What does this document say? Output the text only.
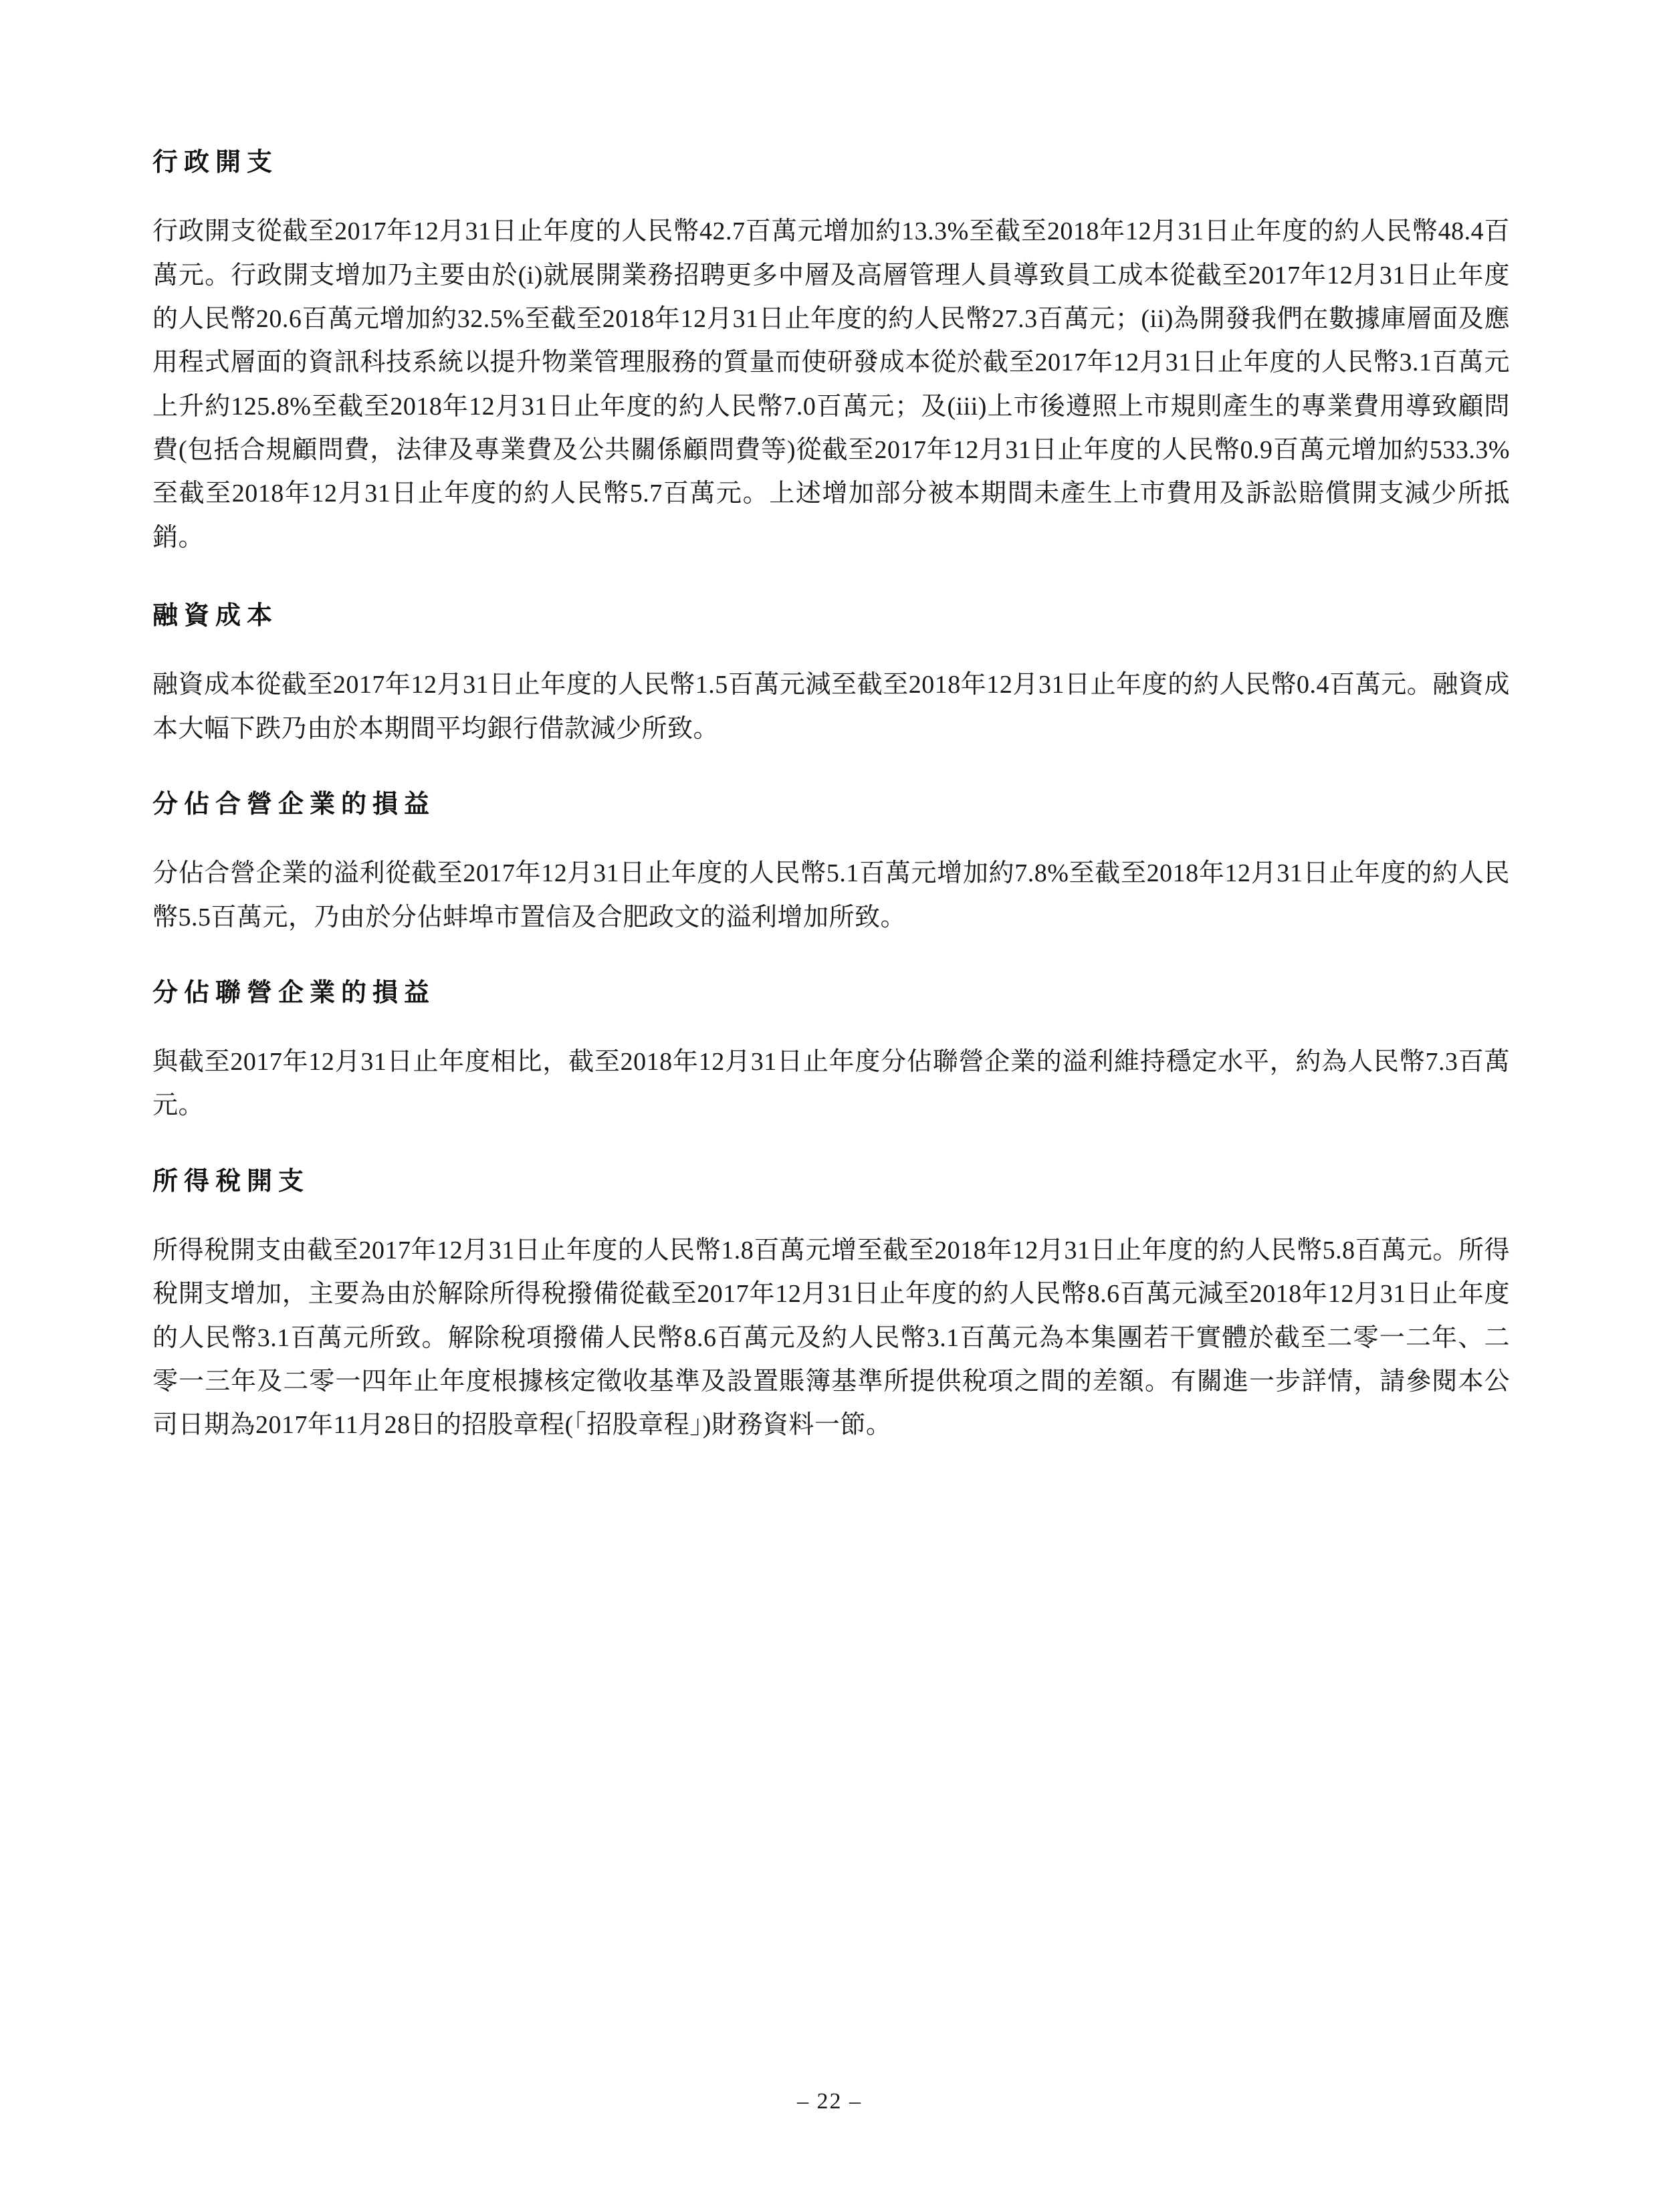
行政開支

行政開支從截至2017年12月31日止年度的人民幣42.7百萬元增加約13.3%至截至2018年12月31日止年度的約人民幣48.4百萬元。行政開支增加乃主要由於(i)就展開業務招聘更多中層及高層管理人員導致員工成本從截至2017年12月31日止年度的人民幣20.6百萬元增加約32.5%至截至2018年12月31日止年度的約人民幣27.3百萬元；(ii)為開發我們在數據庫層面及應用程式層面的資訊科技系統以提升物業管理服務的質量而使研發成本從於截至2017年12月31日止年度的人民幣3.1百萬元上升約125.8%至截至2018年12月31日止年度的約人民幣7.0百萬元；及(iii)上市後遵照上市規則產生的專業費用導致顧問費(包括合規顧問費，法律及專業費及公共關係顧問費等)從截至2017年12月31日止年度的人民幣0.9百萬元增加約533.3%至截至2018年12月31日止年度的約人民幣5.7百萬元。上述增加部分被本期間未產生上市費用及訴訟賠償開支減少所抵銷。

融資成本

融資成本從截至2017年12月31日止年度的人民幣1.5百萬元減至截至2018年12月31日止年度的約人民幣0.4百萬元。融資成本大幅下跌乃由於本期間平均銀行借款減少所致。

分佔合營企業的損益

分佔合營企業的溢利從截至2017年12月31日止年度的人民幣5.1百萬元增加約7.8%至截至2018年12月31日止年度的約人民幣5.5百萬元，乃由於分佔蚌埠市置信及合肥政文的溢利增加所致。

分佔聯營企業的損益

與截至2017年12月31日止年度相比，截至2018年12月31日止年度分佔聯營企業的溢利維持穩定水平，約為人民幣7.3百萬元。

所得稅開支

所得稅開支由截至2017年12月31日止年度的人民幣1.8百萬元增至截至2018年12月31日止年度的約人民幣5.8百萬元。所得稅開支增加，主要為由於解除所得稅撥備從截至2017年12月31日止年度的約人民幣8.6百萬元減至2018年12月31日止年度的人民幣3.1百萬元所致。解除稅項撥備人民幣8.6百萬元及約人民幣3.1百萬元為本集團若干實體於截至二零一二年、二零一三年及二零一四年止年度根據核定徵收基準及設置賬簿基準所提供稅項之間的差額。有關進一步詳情，請參閱本公司日期為2017年11月28日的招股章程(「招股章程」)財務資料一節。

– 22 –
